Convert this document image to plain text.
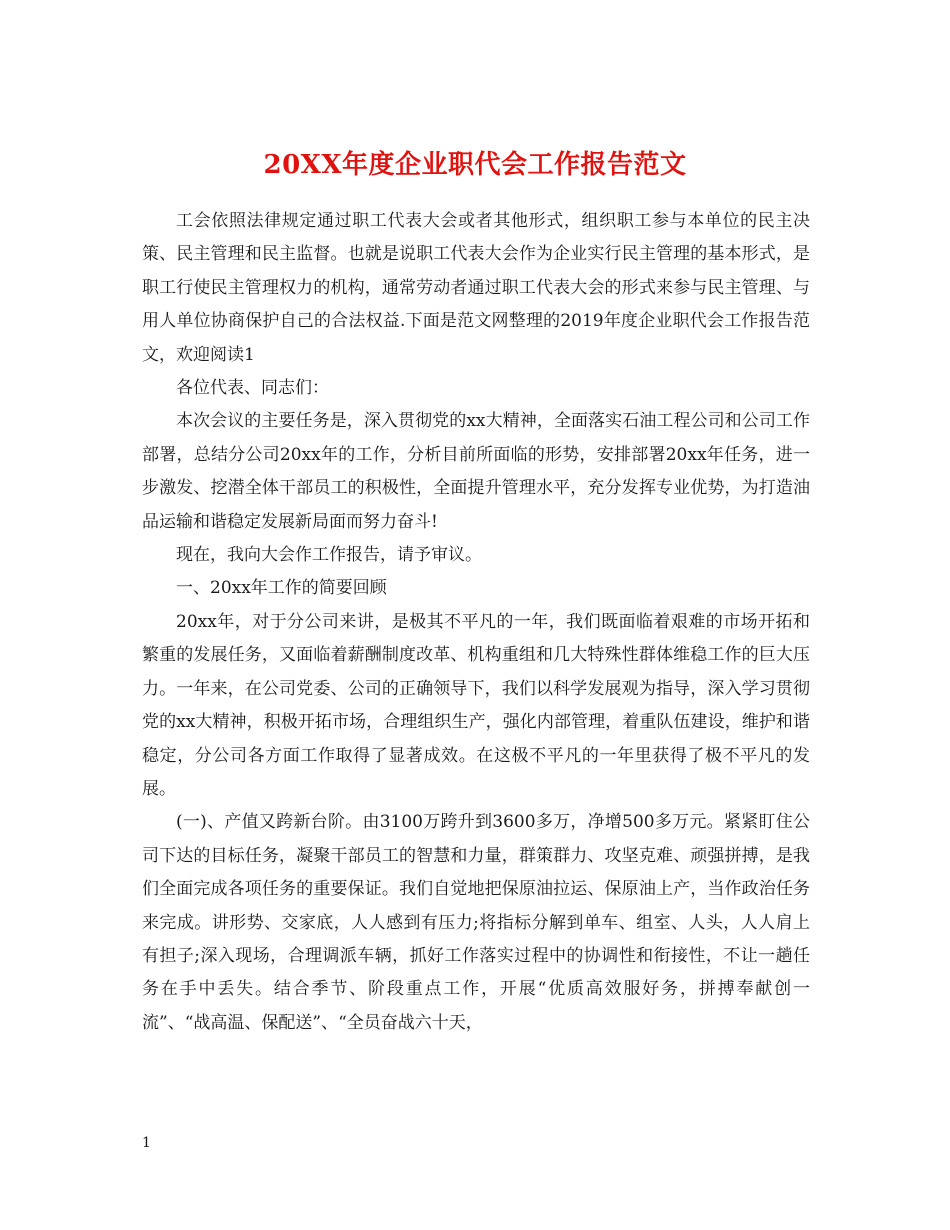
20XX年度企业职代会工作报告范文

工会依照法律规定通过职工代表大会或者其他形式，组织职工参与本单位的民主决策、民主管理和民主监督。也就是说职工代表大会作为企业实行民主管理的基本形式，是职工行使民主管理权力的机构，通常劳动者通过职工代表大会的形式来参与民主管理、与用人单位协商保护自己的合法权益.下面是范文网整理的2019年度企业职代会工作报告范文，欢迎阅读1

各位代表、同志们：

本次会议的主要任务是，深入贯彻党的xx大精神，全面落实石油工程公司和公司工作部署，总结分公司20xx年的工作，分析目前所面临的形势，安排部署20xx年任务，进一步激发、挖潜全体干部员工的积极性，全面提升管理水平，充分发挥专业优势，为打造油品运输和谐稳定发展新局面而努力奋斗!

现在，我向大会作工作报告，请予审议。

一、20xx年工作的简要回顾

20xx年，对于分公司来讲，是极其不平凡的一年，我们既面临着艰难的市场开拓和繁重的发展任务，又面临着薪酬制度改革、机构重组和几大特殊性群体维稳工作的巨大压力。一年来，在公司党委、公司的正确领导下，我们以科学发展观为指导，深入学习贯彻党的xx大精神，积极开拓市场，合理组织生产，强化内部管理，着重队伍建设，维护和谐稳定，分公司各方面工作取得了显著成效。在这极不平凡的一年里获得了极不平凡的发展。

(一)、产值又跨新台阶。由3100万跨升到3600多万，净增500多万元。紧紧盯住公司下达的目标任务，凝聚干部员工的智慧和力量，群策群力、攻坚克难、顽强拼搏，是我们全面完成各项任务的重要保证。我们自觉地把保原油拉运、保原油上产，当作政治任务来完成。讲形势、交家底，人人感到有压力;将指标分解到单车、组室、人头，人人肩上有担子;深入现场，合理调派车辆，抓好工作落实过程中的协调性和衔接性，不让一趟任务在手中丢失。结合季节、阶段重点工作，开展“优质高效服好务，拼搏奉献创一流”、“战高温、保配送”、“全员奋战六十天，

1
